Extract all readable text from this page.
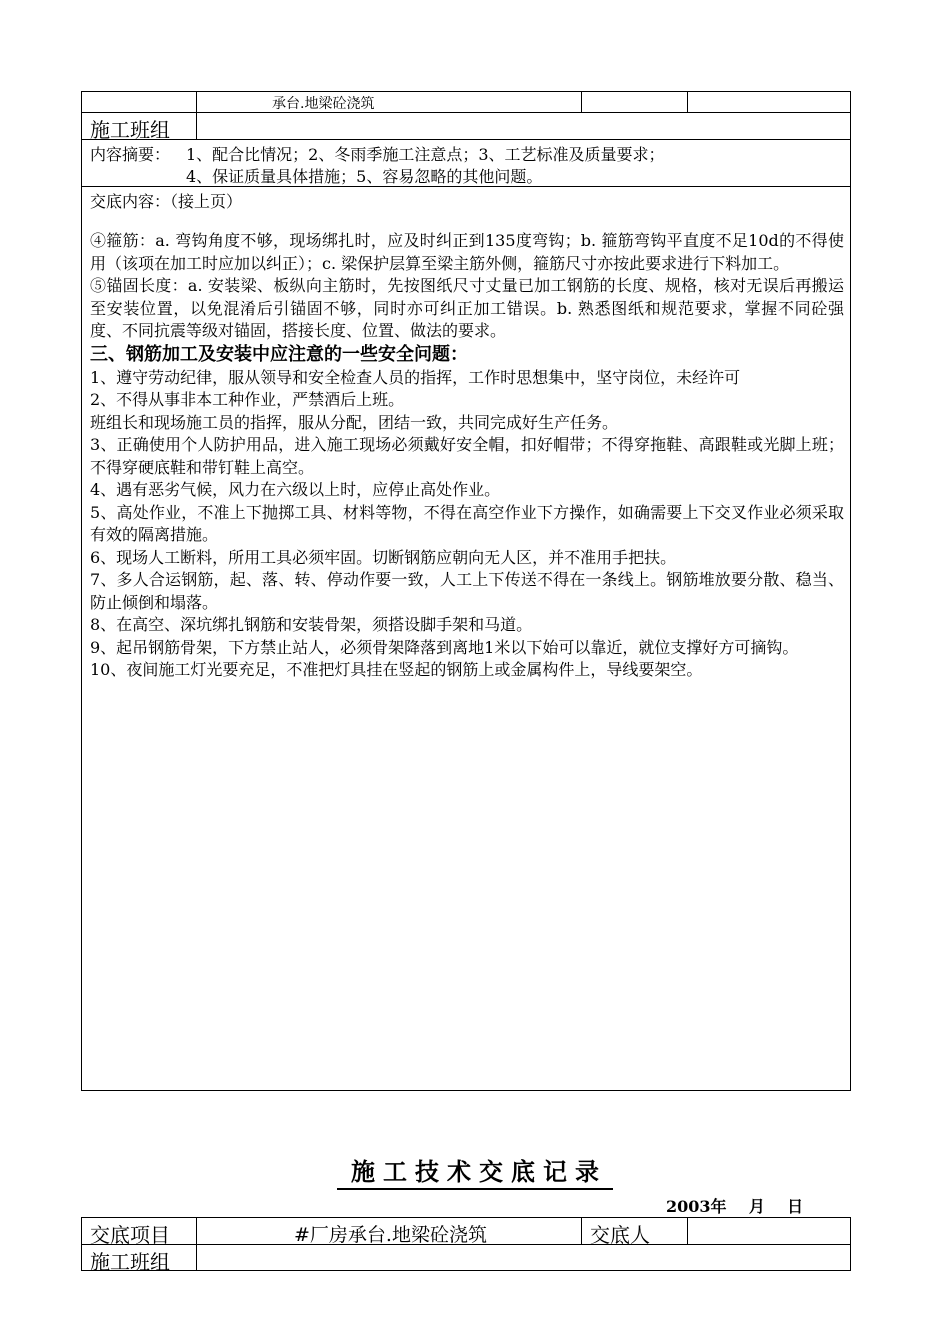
承台.地梁砼浇筑
施工班组
内容摘要： 1、配合比情况；2、冬雨季施工注意点；3、工艺标准及质量要求；
4、保证质量具体措施；5、容易忽略的其他问题。
交底内容：（接上页）

④箍筋：a. 弯钩角度不够，现场绑扎时，应及时纠正到135度弯钩；b. 箍筋弯钩平直度不足10d的不得使用（该项在加工时应加以纠正）；c. 梁保护层算至梁主筋外侧，箍筋尺寸亦按此要求进行下料加工。

⑤锚固长度：a. 安装梁、板纵向主筋时，先按图纸尺寸丈量已加工钢筋的长度、规格，核对无误后再搬运至安装位置，以免混淆后引锚固不够，同时亦可纠正加工错误。b. 熟悉图纸和规范要求，掌握不同砼强度、不同抗震等级对锚固，搭接长度、位置、做法的要求。

三、钢筋加工及安装中应注意的一些安全问题：

1、遵守劳动纪律，服从领导和安全检查人员的指挥，工作时思想集中，坚守岗位，未经许可

2、不得从事非本工种作业，严禁酒后上班。

班组长和现场施工员的指挥，服从分配，团结一致，共同完成好生产任务。

3、正确使用个人防护用品，进入施工现场必须戴好安全帽，扣好帽带；不得穿拖鞋、高跟鞋或光脚上班；不得穿硬底鞋和带钉鞋上高空。

4、遇有恶劣气候，风力在六级以上时，应停止高处作业。

5、高处作业，不准上下抛掷工具、材料等物，不得在高空作业下方操作，如确需要上下交叉作业必须采取有效的隔离措施。

6、现场人工断料，所用工具必须牢固。切断钢筋应朝向无人区，并不准用手把扶。

7、多人合运钢筋，起、落、转、停动作要一致，人工上下传送不得在一条线上。钢筋堆放要分散、稳当、防止倾倒和塌落。

8、在高空、深坑绑扎钢筋和安装骨架，须搭设脚手架和马道。

9、起吊钢筋骨架，下方禁止站人，必须骨架降落到离地1米以下始可以靠近，就位支撑好方可摘钩。

10、夜间施工灯光要充足，不准把灯具挂在竖起的钢筋上或金属构件上，导线要架空。

施工技术交底记录
2003年    月    日
交底项目	#厂房承台.地梁砼浇筑	交底人
施工班组
